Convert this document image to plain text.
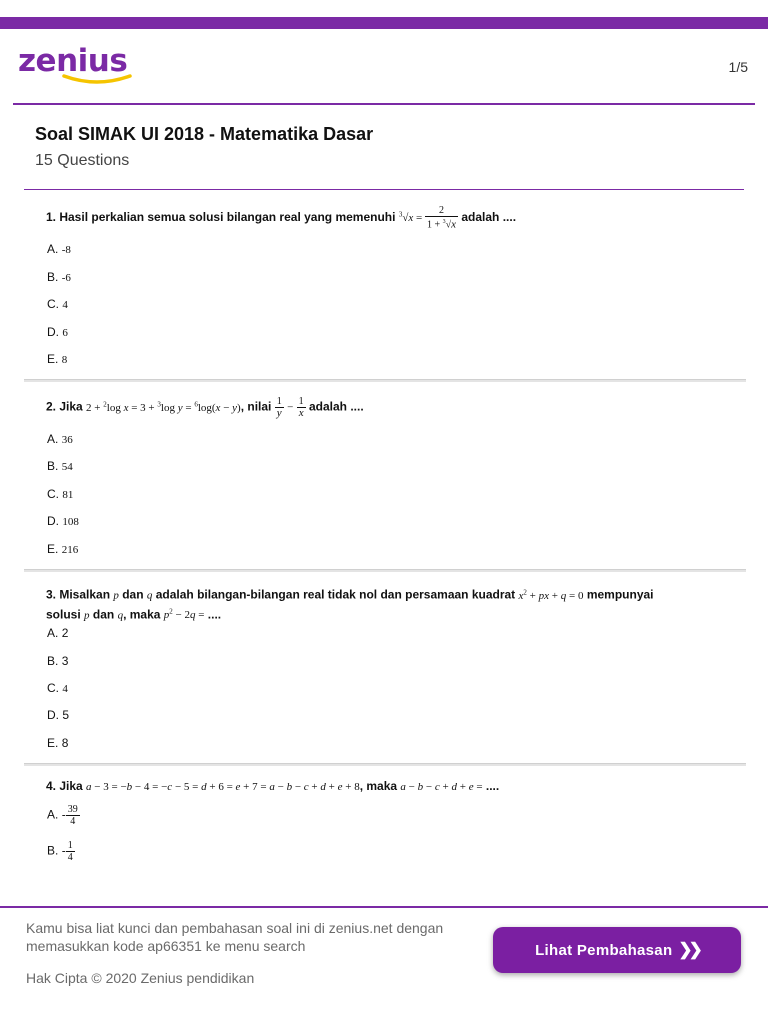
zenius	1/5
Soal SIMAK UI 2018 - Matematika Dasar
15 Questions
1. Hasil perkalian semua solusi bilangan real yang memenuhi $^3√x = \frac{2}{1 + ^3√x}$ adalah ....
A. -8
B. -6
C. 4
D. 6
E. 8
2. Jika 2 + $^2$log x = 3 + $^3$log y = $^6$log(x − y), nilai $\frac{1}{y} - \frac{1}{x}$ adalah ....
A. 36
B. 54
C. 81
D. 108
E. 216
3. Misalkan p dan q adalah bilangan-bilangan real tidak nol dan persamaan kuadrat $x^2$ + px + q = 0 mempunyai
solusi p dan q, maka $p^2 - 2q$ = ....
A. 2
B. 3
C. 4
D. 5
E. 8
4. Jika a − 3 = −b − 4 = −c − 5 = d + 6 = e + 7 = a − b − c + d + e + 8, maka a − b − c + d + e = ....
A. - $\frac{39}{4}$
B. - $\frac{1}{4}$
Kamu bisa liat kunci dan pembahasan soal ini di zenius.net dengan memasukkan kode ap66351 ke menu search
Hak Cipta © 2020 Zenius pendidikan
Lihat Pembahasan ❯❯
